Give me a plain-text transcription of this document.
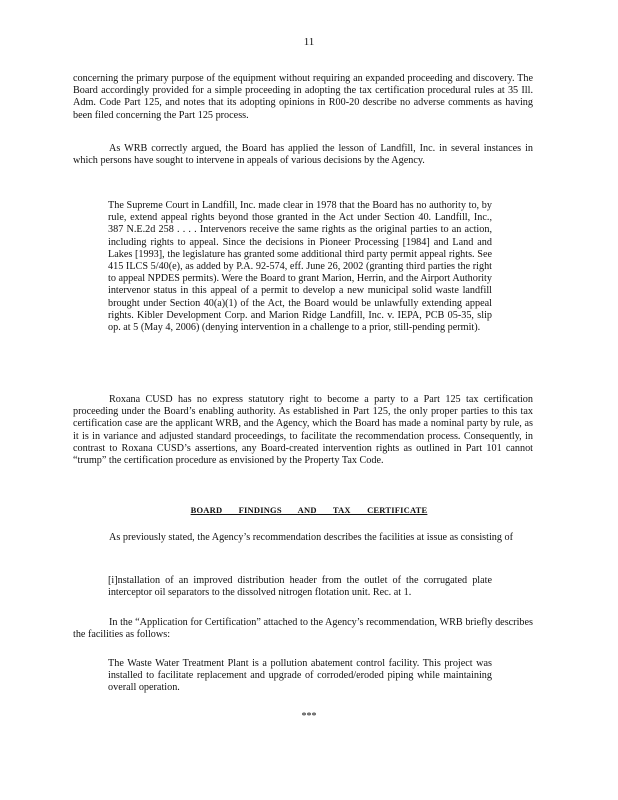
11

concerning the primary purpose of the equipment without requiring an expanded proceeding and discovery. The Board accordingly provided for a simple proceeding in adopting the tax certification procedural rules at 35 Ill. Adm. Code Part 125, and notes that its adopting opinions in R00-20 describe no adverse comments as having been filed concerning the Part 125 process.

As WRB correctly argued, the Board has applied the lesson of Landfill, Inc. in several instances in which persons have sought to intervene in appeals of various decisions by the Agency.

The Supreme Court in Landfill, Inc. made clear in 1978 that the Board has no authority to, by rule, extend appeal rights beyond those granted in the Act under Section 40. Landfill, Inc., 387 N.E.2d 258 . . . . Intervenors receive the same rights as the original parties to an action, including rights to appeal. Since the decisions in Pioneer Processing [1984] and Land and Lakes [1993], the legislature has granted some additional third party permit appeal rights. See 415 ILCS 5/40(e), as added by P.A. 92-574, eff. June 26, 2002 (granting third parties the right to appeal NPDES permits). Were the Board to grant Marion, Herrin, and the Airport Authority intervenor status in this appeal of a permit to develop a new municipal solid waste landfill brought under Section 40(a)(1) of the Act, the Board would be unlawfully extending appeal rights. Kibler Development Corp. and Marion Ridge Landfill, Inc. v. IEPA, PCB 05-35, slip op. at 5 (May 4, 2006) (denying intervention in a challenge to a prior, still-pending permit).

Roxana CUSD has no express statutory right to become a party to a Part 125 tax certification proceeding under the Board’s enabling authority. As established in Part 125, the only proper parties to this tax certification case are the applicant WRB, and the Agency, which the Board has made a nominal party by rule, as it is in variance and adjusted standard proceedings, to facilitate the recommendation process. Consequently, in contrast to Roxana CUSD’s assertions, any Board-created intervention rights as outlined in Part 101 cannot “trump” the certification procedure as envisioned by the Property Tax Code.

BOARD FINDINGS AND TAX CERTIFICATE

As previously stated, the Agency’s recommendation describes the facilities at issue as consisting of

[i]nstallation of an improved distribution header from the outlet of the corrugated plate interceptor oil separators to the dissolved nitrogen flotation unit. Rec. at 1.

In the “Application for Certification” attached to the Agency’s recommendation, WRB briefly describes the facilities as follows:

The Waste Water Treatment Plant is a pollution abatement control facility. This project was installed to facilitate replacement and upgrade of corroded/eroded piping while maintaining overall operation.

***
